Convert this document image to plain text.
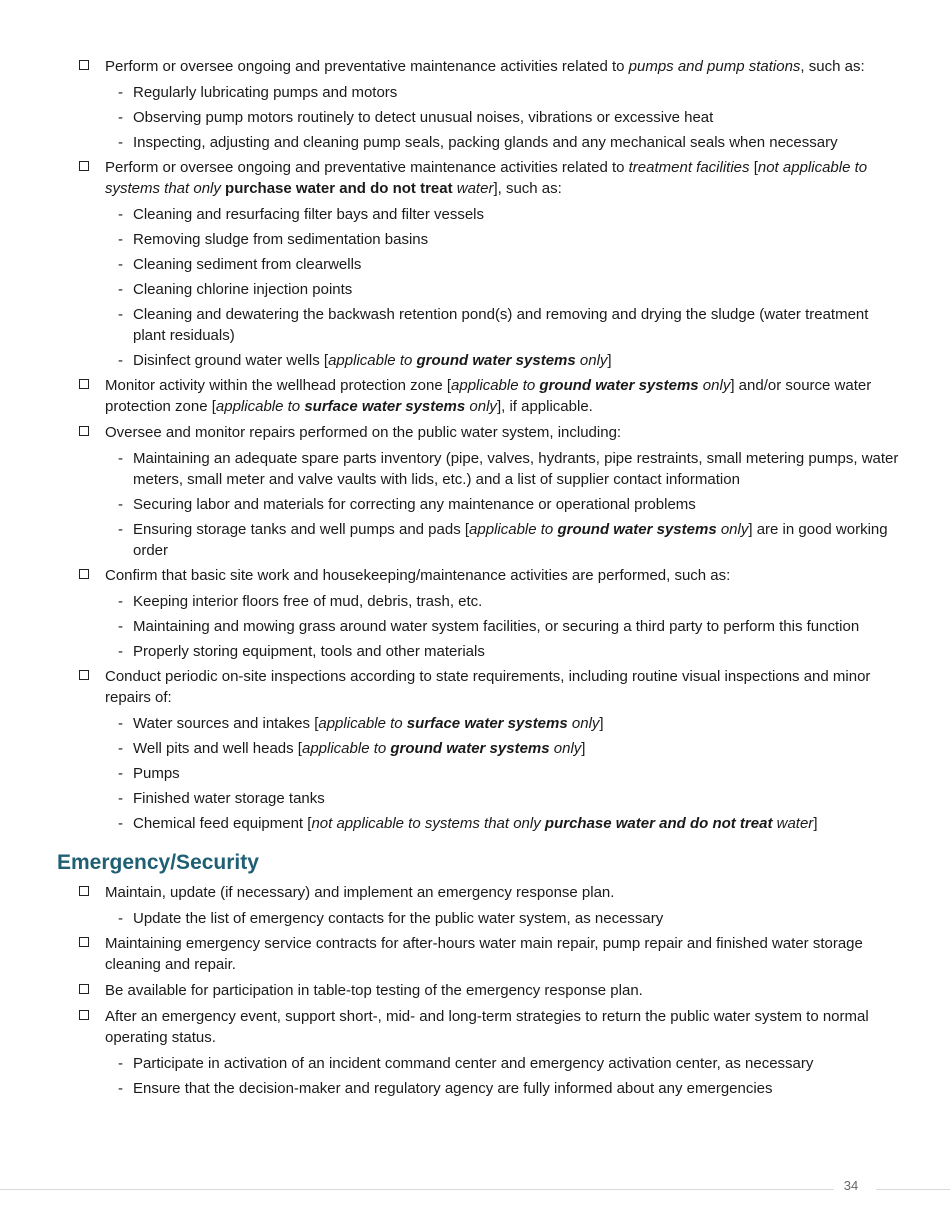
Perform or oversee ongoing and preventative maintenance activities related to pumps and pump stations, such as:
- Regularly lubricating pumps and motors
- Observing pump motors routinely to detect unusual noises, vibrations or excessive heat
- Inspecting, adjusting and cleaning pump seals, packing glands and any mechanical seals when necessary
Perform or oversee ongoing and preventative maintenance activities related to treatment facilities [not applicable to systems that only purchase water and do not treat water], such as:
- Cleaning and resurfacing filter bays and filter vessels
- Removing sludge from sedimentation basins
- Cleaning sediment from clearwells
- Cleaning chlorine injection points
- Cleaning and dewatering the backwash retention pond(s) and removing and drying the sludge (water treatment plant residuals)
- Disinfect ground water wells [applicable to ground water systems only]
Monitor activity within the wellhead protection zone [applicable to ground water systems only] and/or source water protection zone [applicable to surface water systems only], if applicable.
Oversee and monitor repairs performed on the public water system, including:
- Maintaining an adequate spare parts inventory (pipe, valves, hydrants, pipe restraints, small metering pumps, water meters, small meter and valve vaults with lids, etc.) and a list of supplier contact information
- Securing labor and materials for correcting any maintenance or operational problems
- Ensuring storage tanks and well pumps and pads [applicable to ground water systems only] are in good working order
Confirm that basic site work and housekeeping/maintenance activities are performed, such as:
- Keeping interior floors free of mud, debris, trash, etc.
- Maintaining and mowing grass around water system facilities, or securing a third party to perform this function
- Properly storing equipment, tools and other materials
Conduct periodic on-site inspections according to state requirements, including routine visual inspections and minor repairs of:
- Water sources and intakes [applicable to surface water systems only]
- Well pits and well heads [applicable to ground water systems only]
- Pumps
- Finished water storage tanks
- Chemical feed equipment [not applicable to systems that only purchase water and do not treat water]
Emergency/Security
Maintain, update (if necessary) and implement an emergency response plan.
- Update the list of emergency contacts for the public water system, as necessary
Maintaining emergency service contracts for after-hours water main repair, pump repair and finished water storage cleaning and repair.
Be available for participation in table-top testing of the emergency response plan.
After an emergency event, support short-, mid- and long-term strategies to return the public water system to normal operating status.
- Participate in activation of an incident command center and emergency activation center, as necessary
- Ensure that the decision-maker and regulatory agency are fully informed about any emergencies
34
